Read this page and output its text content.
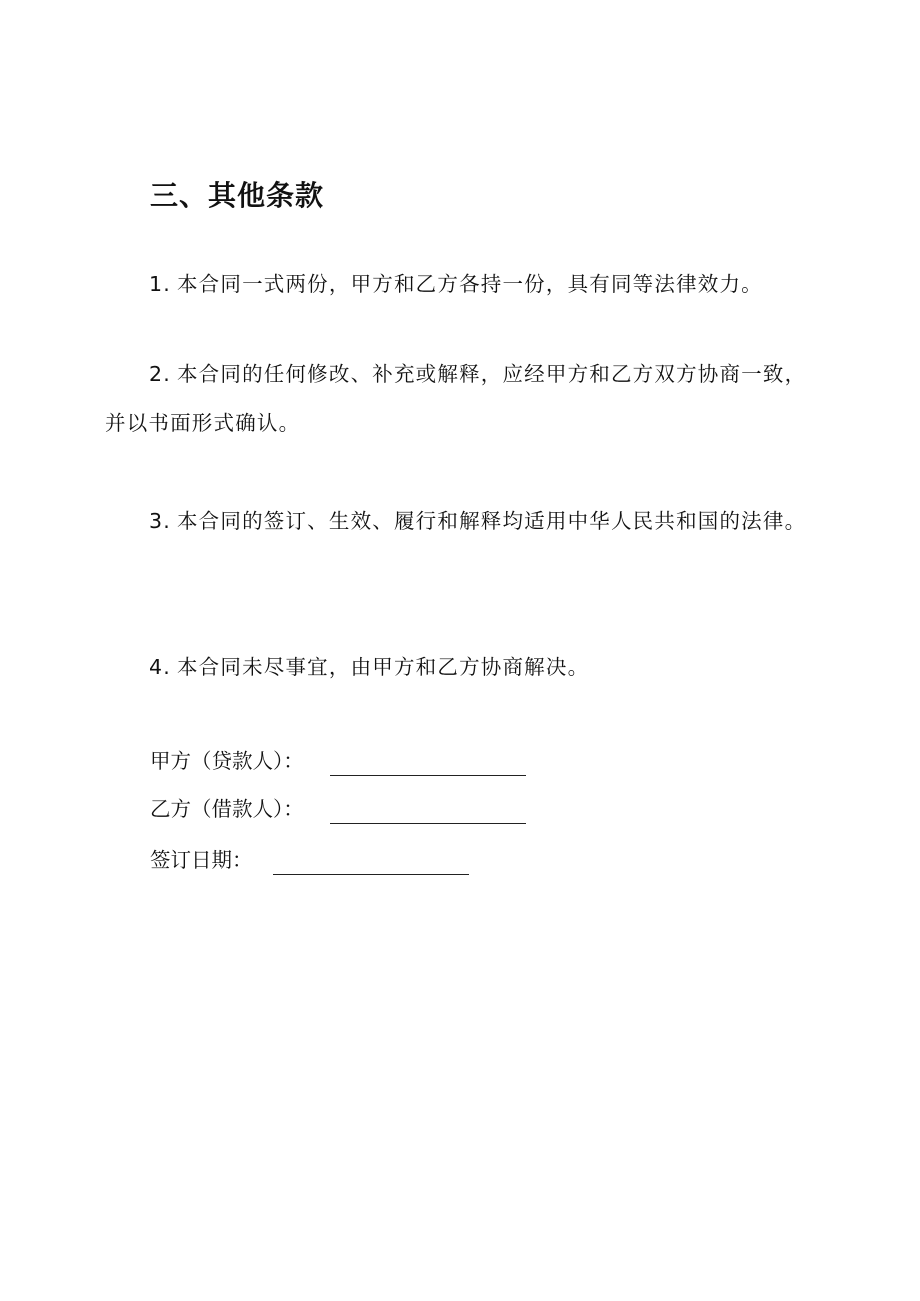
三、其他条款
1. 本合同一式两份，甲方和乙方各持一份，具有同等法律效力。
2. 本合同的任何修改、补充或解释，应经甲方和乙方双方协商一致，并以书面形式确认。
3. 本合同的签订、生效、履行和解释均适用中华人民共和国的法律。
4. 本合同未尽事宜，由甲方和乙方协商解决。
甲方（贷款人）：
乙方（借款人）：
签订日期：
